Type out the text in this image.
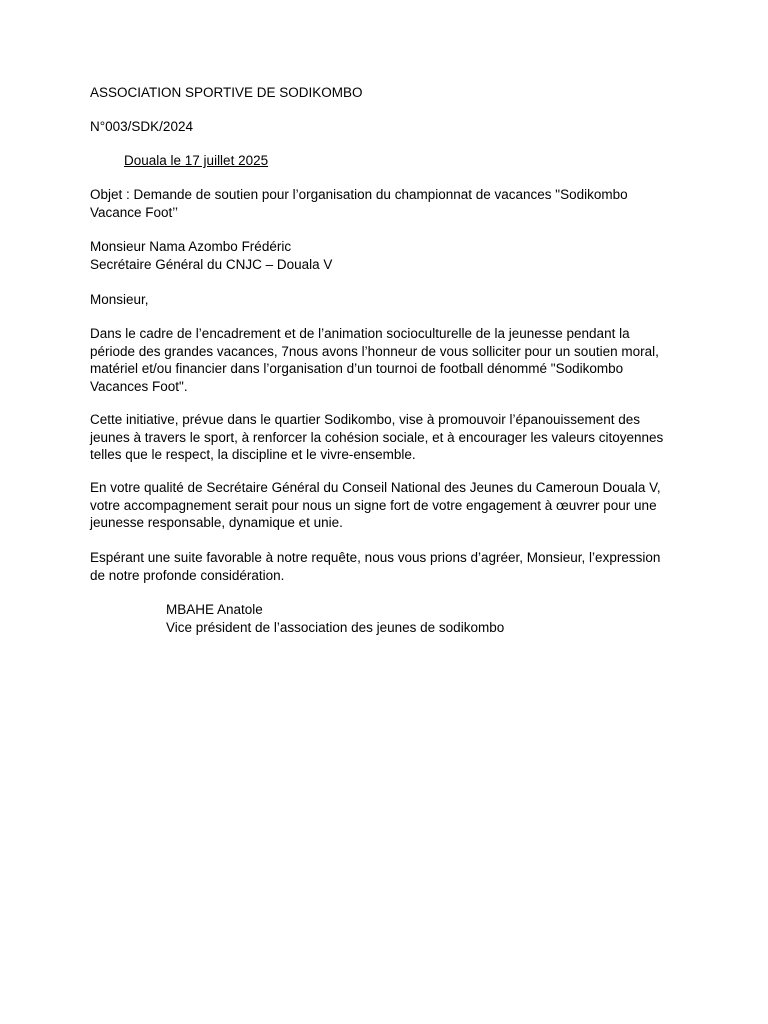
ASSOCIATION SPORTIVE DE SODIKOMBO
N°003/SDK/2024
Douala le 17 juillet 2025
Objet : Demande de soutien pour l’organisation du championnat de vacances "Sodikombo
Vacance Foot’’
Monsieur Nama Azombo Frédéric
Secrétaire Général du CNJC – Douala V
Monsieur,
Dans le cadre de l’encadrement et de l’animation socioculturelle de la jeunesse pendant la
période des grandes vacances, 7nous avons l’honneur de vous solliciter pour un soutien moral,
matériel et/ou financier dans l’organisation d’un tournoi de football dénommé "Sodikombo
Vacances Foot".
Cette initiative, prévue dans le quartier Sodikombo, vise à promouvoir l’épanouissement des
jeunes à travers le sport, à renforcer la cohésion sociale, et à encourager les valeurs citoyennes
telles que le respect, la discipline et le vivre-ensemble.
En votre qualité de Secrétaire Général du Conseil National des Jeunes du Cameroun Douala V,
votre accompagnement serait pour nous un signe fort de votre engagement à œuvrer pour une
jeunesse responsable, dynamique et unie.
Espérant une suite favorable à notre requête, nous vous prions d’agréer, Monsieur, l’expression
de notre profonde considération.
MBAHE Anatole
Vice président de l’association des jeunes de sodikombo
